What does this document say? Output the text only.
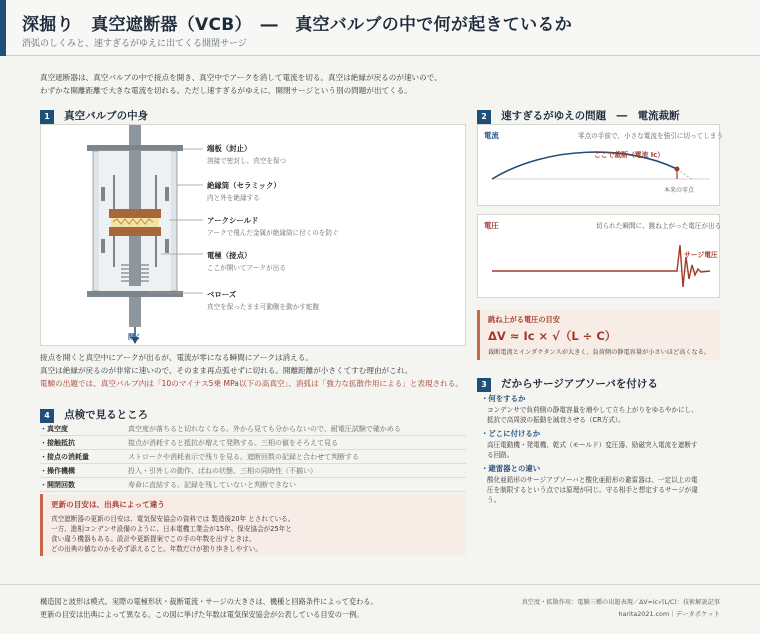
深掘り　真空遮断器（VCB）　―　真空バルブの中で何が起きているか
消弧のしくみと、速すぎるがゆえに出てくる開閉サージ
真空遮断器は、真空バルブの中で接点を開き、真空中でアークを消して電流を切る。真空は絶縁が戻るのが速いので、
わずかな開離距離で大きな電流を切れる。ただし速すぎるがゆえに、開閉サージという別の問題が出てくる。
1 真空バルブの中身
端板（封止）
溶接で密封し、真空を保つ
絶縁筒（セラミック）
内と外を絶縁する
アークシールド
アークで飛んだ金属が絶縁筒に付くのを防ぐ
電極（接点）
ここが開いてアークが出る
ベローズ
真空を保ったまま可動側を動かす蛇腹
開く
接点を開くと真空中にアークが出るが、電流が零になる瞬間にアークは消える。
真空は絶縁が戻るのが非常に速いので、そのまま再点弧せずに切れる。開離距離が小さくてすむ理由がこれ。
電験の出題では、真空バルブ内は「10のマイナス5乗 MPa以下の高真空」、消弧は「強力な拡散作用による」と表現される。
4 点検で見るところ
・真空度	真空度が落ちると切れなくなる。外から見ても分からないので、耐電圧試験で確かめる
・接触抵抗	接点が消耗すると抵抗が増えて発熱する。三相の値をそろえて見る
・接点の消耗量	ストロークや消耗表示で残りを見る。遮断回数の記録と合わせて判断する
・操作機構	投入・引外しの動作、ばねの状態、三相の同時性（不揃い）
・開閉回数	寿命に直結する。記録を残していないと判断できない
更新の目安は、出典によって違う
真空遮断器の更新の目安は、電気保安協会の資料では 製造後20年 とされている。
一方、進相コンデンサ設備のように、日本電機工業会が15年、保安協会が25年と
食い違う機器もある。設計や更新提案でこの手の年数を出すときは、
どの出典の値なのかを必ず添えること。年数だけが独り歩きしやすい。
2 速すぎるがゆえの問題　―　電流裁断
電流	零点の手前で、小さな電流を強引に切ってしまう
ここで裁断（電流 Ic）
本来の零点
電圧	切られた瞬間に、跳ね上がった電圧が出る
サージ電圧
跳ね上がる電圧の目安
ΔV ≈ Ic × √（L ÷ C）
裁断電流とインダクタンスが大きく、負荷側の静電容量が小さいほど高くなる。
3 だからサージアブソーバを付ける
・何をするか
コンデンサで負荷側の静電容量を増やして立ち上がりをゆるやかにし、
抵抗で高周波の振動を減衰させる（CR方式）。
・どこに付けるか
高圧電動機・発電機、乾式（モールド）変圧器、励磁突入電流を遮断す
る回路。
・避雷器との違い
酸化亜鉛形のサージアブソーバと酸化亜鉛形の避雷器は、一定以上の電
圧を制限するという点では原理が同じ。守る相手と想定するサージが違
う。
構造図と波形は模式。実際の電極形状・裁断電流・サージの大きさは、機種と回路条件によって変わる。
更新の目安は出典によって異なる。この図に挙げた年数は電気保安協会が公表している目安の一例。
真空度・拡散作用：電験三種の出題表現／ΔV≈Ic√(L/C)：技術解説記事
harita2021.com｜データポケット
